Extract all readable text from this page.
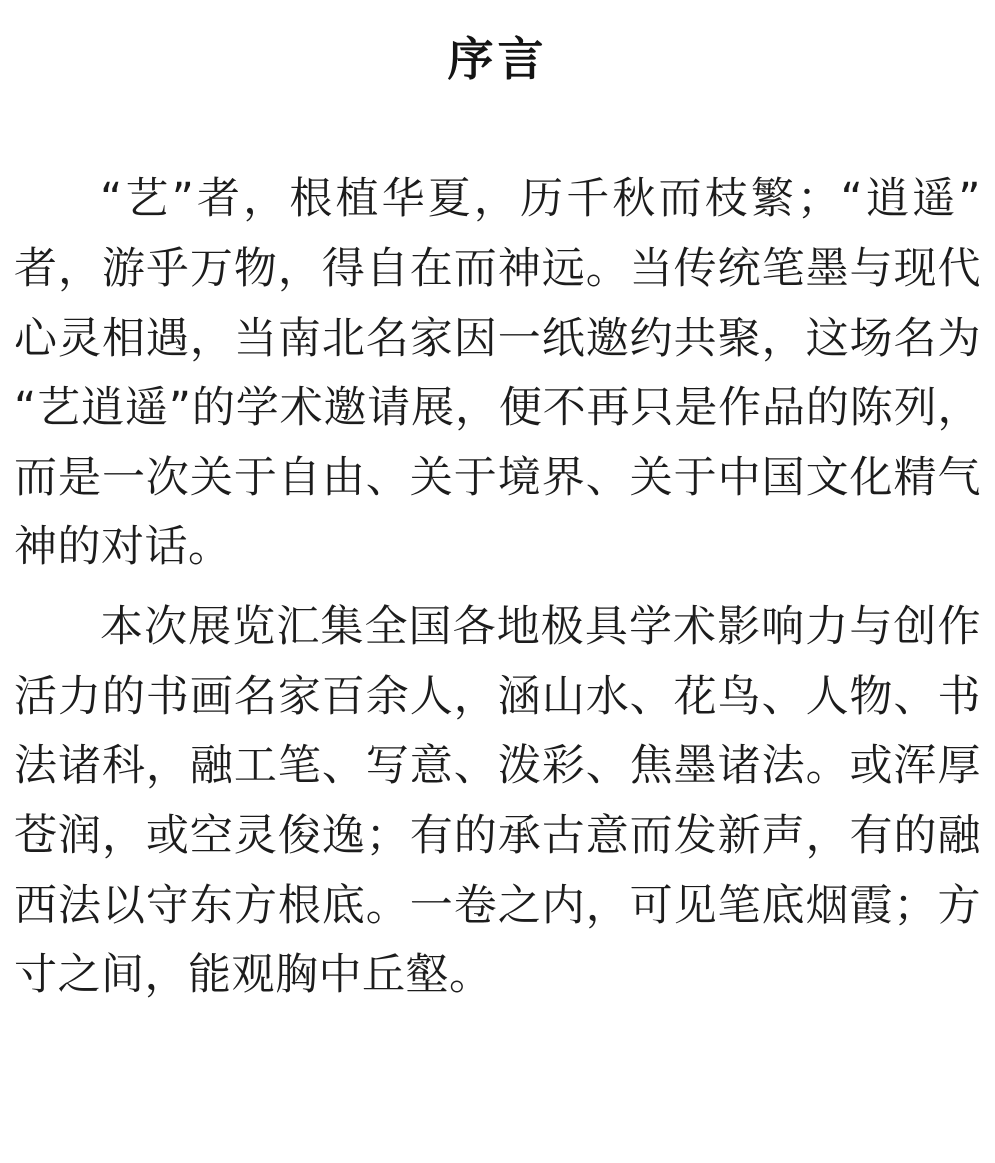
序言

“艺”者，根植华夏，历千秋而枝繁；“逍遥”者，游乎万物，得自在而神远。当传统笔墨与现代心灵相遇，当南北名家因一纸邀约共聚，这场名为“艺逍遥”的学术邀请展，便不再只是作品的陈列，而是一次关于自由、关于境界、关于中国文化精气神的对话。

本次展览汇集全国各地极具学术影响力与创作活力的书画名家百余人，涵山水、花鸟、人物、书法诸科，融工笔、写意、泼彩、焦墨诸法。或浑厚苍润，或空灵俊逸；有的承古意而发新声，有的融西法以守东方根底。一卷之内，可见笔底烟霞；方寸之间，能观胸中丘壑。
